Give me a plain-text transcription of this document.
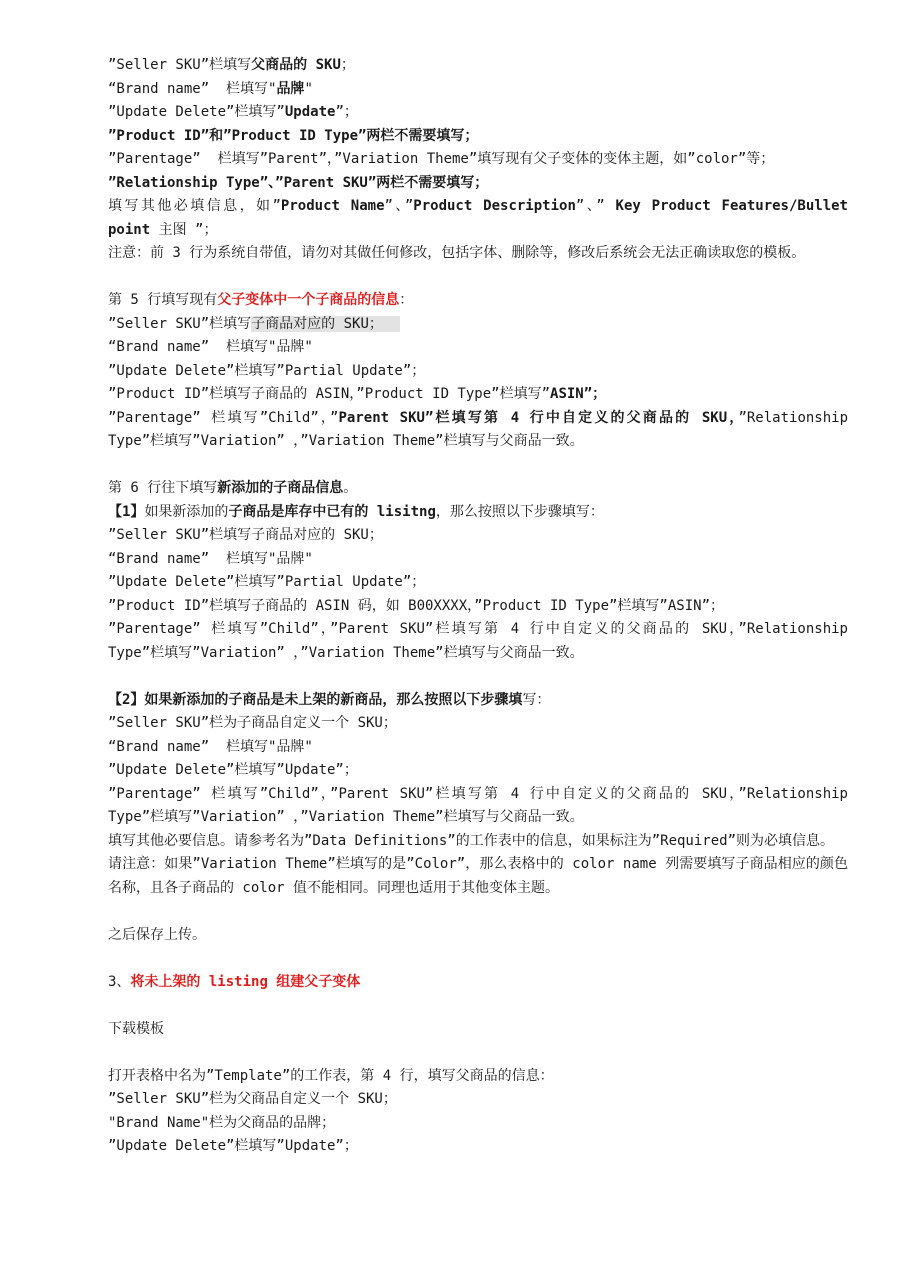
”Seller SKU”栏填写父商品的 SKU；
“Brand name”  栏填写"品牌"
”Update Delete”栏填写”Update”；
”Product ID”和”Product ID Type”两栏不需要填写；
”Parentage”  栏填写”Parent”，”Variation Theme”填写现有父子变体的变体主题，如”color”等；
”Relationship Type”、”Parent SKU”两栏不需要填写；
填写其他必填信息，如”Product Name”、”Product Description”、” Key Product Features/Bullet point 主图 ”；
注意：前 3 行为系统自带值，请勿对其做任何修改，包括字体、删除等，修改后系统会无法正确读取您的模板。
第 5 行填写现有父子变体中一个子商品的信息：
”Seller SKU”栏填写子商品对应的 SKU；
“Brand name”  栏填写"品牌"
”Update Delete”栏填写”Partial Update”；
”Product ID”栏填写子商品的 ASIN，”Product ID Type”栏填写”ASIN”；
”Parentage” 栏填写”Child”，”Parent SKU”栏填写第 4 行中自定义的父商品的 SKU，”Relationship Type”栏填写”Variation” ，”Variation Theme”栏填写与父商品一致。
第 6 行往下填写新添加的子商品信息。
【1】如果新添加的子商品是库存中已有的 lisitng，那么按照以下步骤填写：
”Seller SKU”栏填写子商品对应的 SKU；
“Brand name”  栏填写"品牌"
”Update Delete”栏填写”Partial Update”；
”Product ID”栏填写子商品的 ASIN 码，如 B00XXXX，”Product ID Type”栏填写”ASIN”；
”Parentage” 栏填写”Child”，”Parent SKU”栏填写第 4 行中自定义的父商品的 SKU，”Relationship Type”栏填写”Variation” ，”Variation Theme”栏填写与父商品一致。
【2】如果新添加的子商品是未上架的新商品，那么按照以下步骤填写：
”Seller SKU”栏为子商品自定义一个 SKU；
“Brand name”  栏填写"品牌"
”Update Delete”栏填写”Update”；
”Parentage” 栏填写”Child”，”Parent SKU”栏填写第 4 行中自定义的父商品的 SKU，”Relationship Type”栏填写”Variation” ，”Variation Theme”栏填写与父商品一致。
填写其他必要信息。请参考名为”Data Definitions”的工作表中的信息，如果标注为”Required”则为必填信息。
请注意：如果”Variation Theme”栏填写的是”Color”，那么表格中的 color name 列需要填写子商品相应的颜色名称，且各子商品的 color 值不能相同。同理也适用于其他变体主题。
之后保存上传。
3、将未上架的 listing 组建父子变体
下载模板
打开表格中名为”Template”的工作表，第 4 行，填写父商品的信息：
”Seller SKU”栏为父商品自定义一个 SKU；
"Brand Name"栏为父商品的品牌；
”Update Delete”栏填写”Update”；
